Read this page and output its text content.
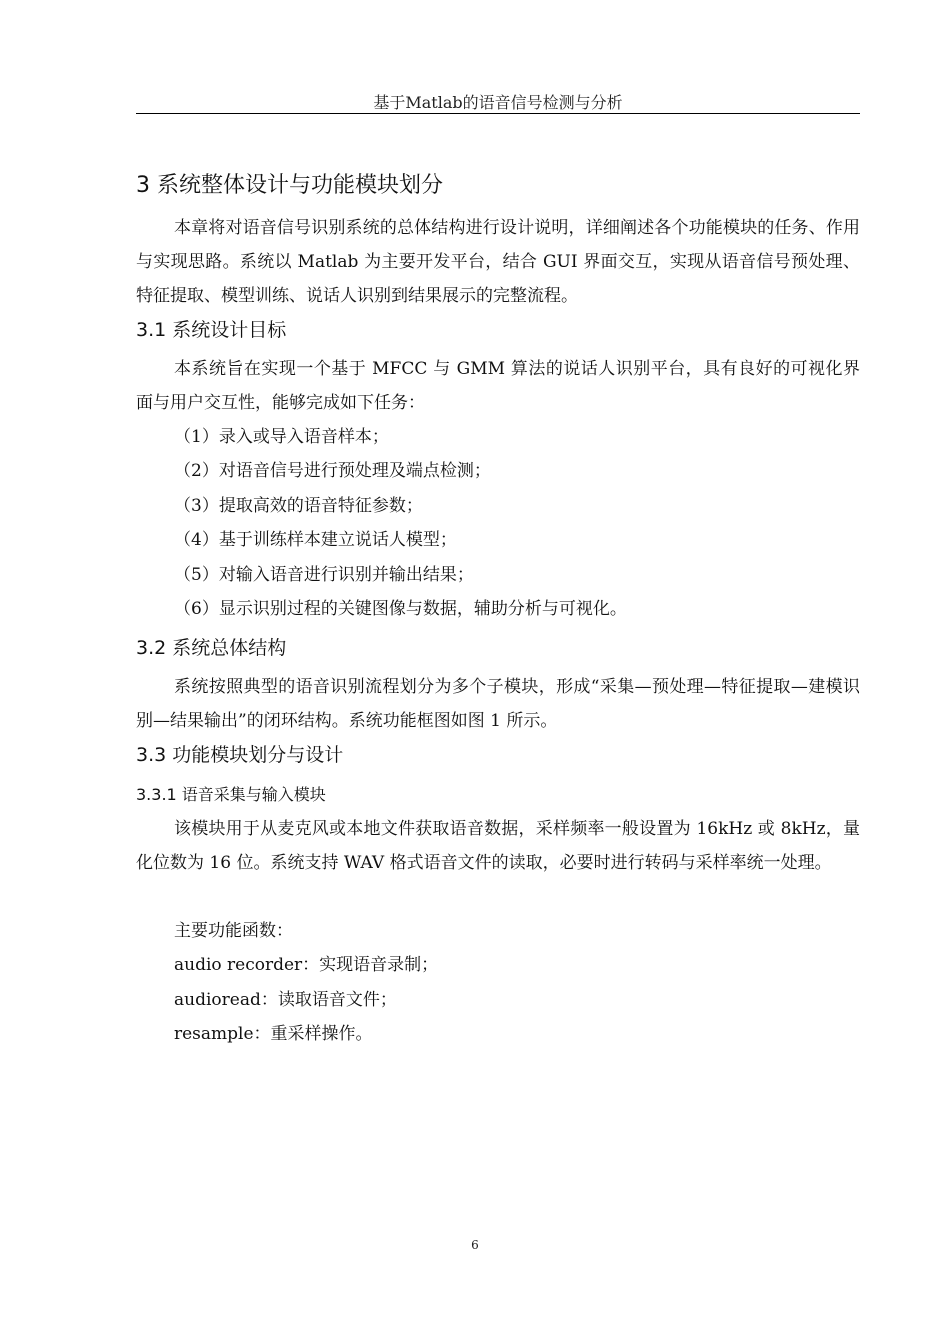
基于Matlab的语音信号检测与分析
3 系统整体设计与功能模块划分

本章将对语音信号识别系统的总体结构进行设计说明，详细阐述各个功能模块的任务、作用与实现思路。系统以 Matlab 为主要开发平台，结合 GUI 界面交互，实现从语音信号预处理、特征提取、模型训练、说话人识别到结果展示的完整流程。

3.1 系统设计目标

本系统旨在实现一个基于 MFCC 与 GMM 算法的说话人识别平台，具有良好的可视化界面与用户交互性，能够完成如下任务：

（1）录入或导入语音样本；

（2）对语音信号进行预处理及端点检测；

（3）提取高效的语音特征参数；

（4）基于训练样本建立说话人模型；

（5）对输入语音进行识别并输出结果；

（6）显示识别过程的关键图像与数据，辅助分析与可视化。

3.2 系统总体结构

系统按照典型的语音识别流程划分为多个子模块，形成“采集—预处理—特征提取—建模识别—结果输出”的闭环结构。系统功能框图如图 1 所示。

3.3 功能模块划分与设计
3.3.1 语音采集与输入模块

该模块用于从麦克风或本地文件获取语音数据，采样频率一般设置为 16kHz 或 8kHz，量化位数为 16 位。系统支持 WAV 格式语音文件的读取，必要时进行转码与采样率统一处理。

主要功能函数：

audio recorder：实现语音录制；

audioread：读取语音文件；

resample：重采样操作。

6
